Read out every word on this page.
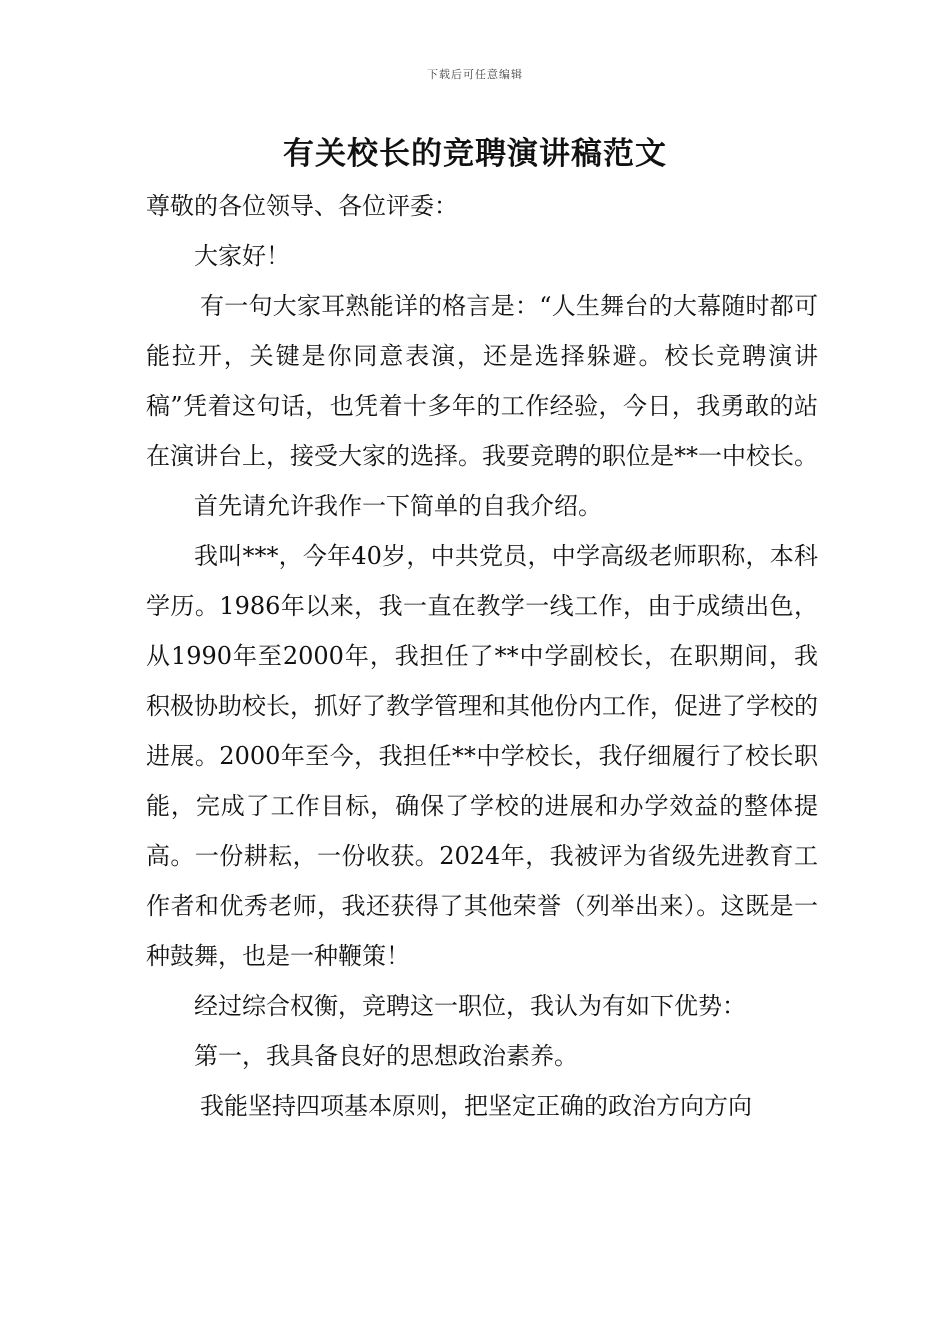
下载后可任意编辑
有关校长的竞聘演讲稿范文

尊敬的各位领导、各位评委：

大家好！

有一句大家耳熟能详的格言是：“人生舞台的大幕随时都可能拉开，关键是你同意表演，还是选择躲避。校长竞聘演讲稿”凭着这句话，也凭着十多年的工作经验，今日，我勇敢的站在演讲台上，接受大家的选择。我要竞聘的职位是**一中校长。

首先请允许我作一下简单的自我介绍。

我叫***，今年40岁，中共党员，中学高级老师职称，本科学历。1986年以来，我一直在教学一线工作，由于成绩出色，从1990年至2000年，我担任了**中学副校长，在职期间，我积极协助校长，抓好了教学管理和其他份内工作，促进了学校的进展。2000年至今，我担任**中学校长，我仔细履行了校长职能，完成了工作目标，确保了学校的进展和办学效益的整体提高。一份耕耘，一份收获。2024年，我被评为省级先进教育工作者和优秀老师，我还获得了其他荣誉（列举出来）。这既是一种鼓舞，也是一种鞭策！

经过综合权衡，竞聘这一职位，我认为有如下优势：

第一，我具备良好的思想政治素养。

我能坚持四项基本原则，把坚定正确的政治方向方向
